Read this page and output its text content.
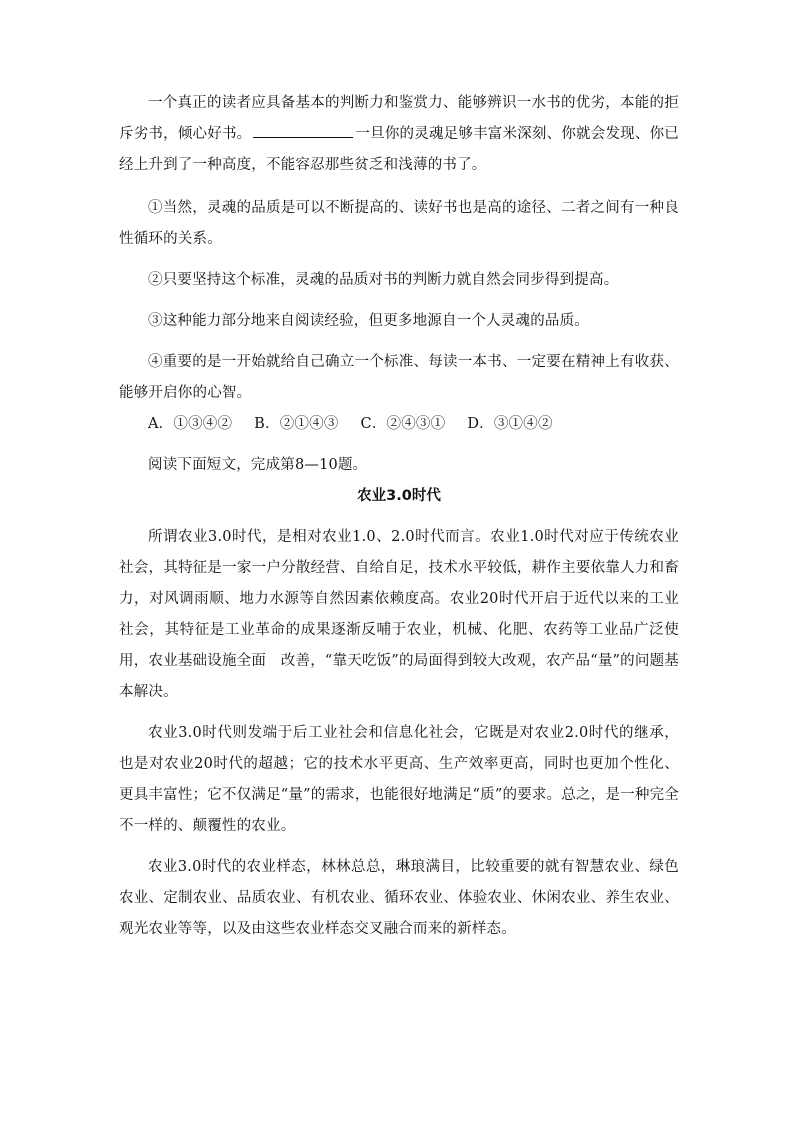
一个真正的读者应具备基本的判断力和鉴赏力、能够辨识一水书的优劣，本能的拒斥劣书，倾心好书。	一旦你的灵魂足够丰富米深刻、你就会发现、你已经上升到了一种高度，不能容忍那些贫乏和浅薄的书了。

①当然，灵魂的品质是可以不断提高的、读好书也是高的途径、二者之间有一种良性循环的关系。

②只要坚持这个标准，灵魂的品质对书的判断力就自然会同步得到提高。

③这种能力部分地来自阅读经验，但更多地源自一个人灵魂的品质。

④重要的是一开始就给自己确立一个标准、每读一本书、一定要在精神上有收获、能够开启你的心智。

A．①③④② B．②①④③ C．②④③① D．③①④②

阅读下面短文，完成第8—10题。

农业3.0时代

所谓农业3.0时代，是相对农业1.0、2.0时代而言。农业1.0时代对应于传统农业社会，其特征是一家一户分散经营、自给自足，技术水平较低，耕作主要依靠人力和畜力，对风调雨顺、地力水源等自然因素依赖度高。农业20时代开启于近代以来的工业社会，其特征是工业革命的成果逐渐反哺于农业，机械、化肥、农药等工业品广泛使用，农业基础设施全面　改善，“靠天吃饭”的局面得到较大改观，农产品“量”的问题基本解决。

农业3.0时代则发端于后工业社会和信息化社会，它既是对农业2.0时代的继承，也是对农业20时代的超越；它的技术水平更高、生产效率更高，同时也更加个性化、更具丰富性；它不仅满足“量”的需求，也能很好地满足“质”的要求。总之，是一种完全不一样的、颠覆性的农业。

农业3.0时代的农业样态，林林总总，琳琅满目，比较重要的就有智慧农业、绿色农业、定制农业、品质农业、有机农业、循环农业、体验农业、休闲农业、养生农业、观光农业等等，以及由这些农业样态交叉融合而来的新样态。
